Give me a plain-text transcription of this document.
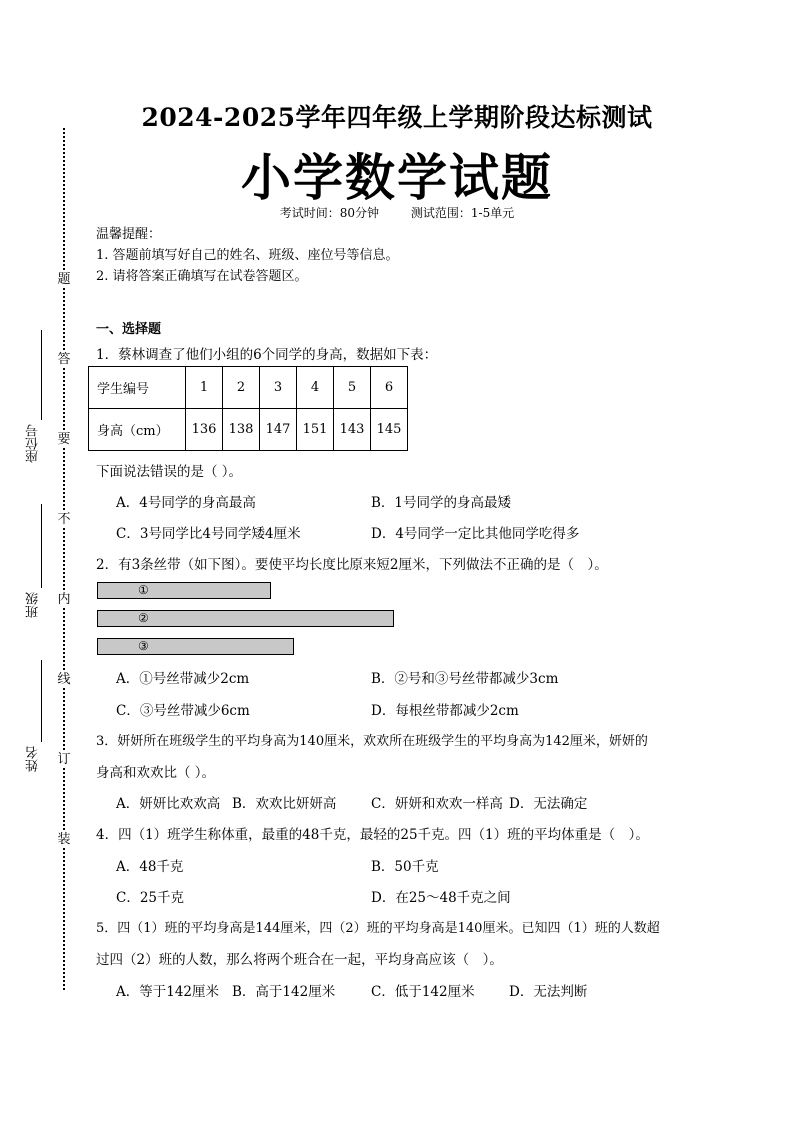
题
答
要
不
内
线
订
装
座位号
班级
姓名
2024-2025学年四年级上学期阶段达标测试
小学数学试题
考试时间：80分钟	测试范围：1-5单元
温馨提醒：
1. 答题前填写好自己的姓名、班级、座位号等信息。
2. 请将答案正确填写在试卷答题区。
一、选择题
1．蔡林调查了他们小组的6个同学的身高，数据如下表：
学生编号	1	2	3	4	5	6
身高（cm）	136	138	147	151	143	145
下面说法错误的是（ ）。
A．4号同学的身高最高	B．1号同学的身高最矮
C．3号同学比4号同学矮4厘米	D．4号同学一定比其他同学吃得多
2．有3条丝带（如下图）。要使平均长度比原来短2厘米，下列做法不正确的是（　）。
①
②
③
A．①号丝带减少2cm	B．②号和③号丝带都减少3cm
C．③号丝带减少6cm	D．每根丝带都减少2cm
3．妍妍所在班级学生的平均身高为140厘米，欢欢所在班级学生的平均身高为142厘米，妍妍的
身高和欢欢比（ ）。
A．妍妍比欢欢高 B．欢欢比妍妍高	C．妍妍和欢欢一样高 D．无法确定
4．四（1）班学生称体重，最重的48千克，最轻的25千克。四（1）班的平均体重是（　）。
A．48千克	B．50千克
C．25千克	D．在25～48千克之间
5．四（1）班的平均身高是144厘米，四（2）班的平均身高是140厘米。已知四（1）班的人数超
过四（2）班的人数，那么将两个班合在一起，平均身高应该（　）。
A．等于142厘米 B．高于142厘米	C．低于142厘米	D．无法判断
